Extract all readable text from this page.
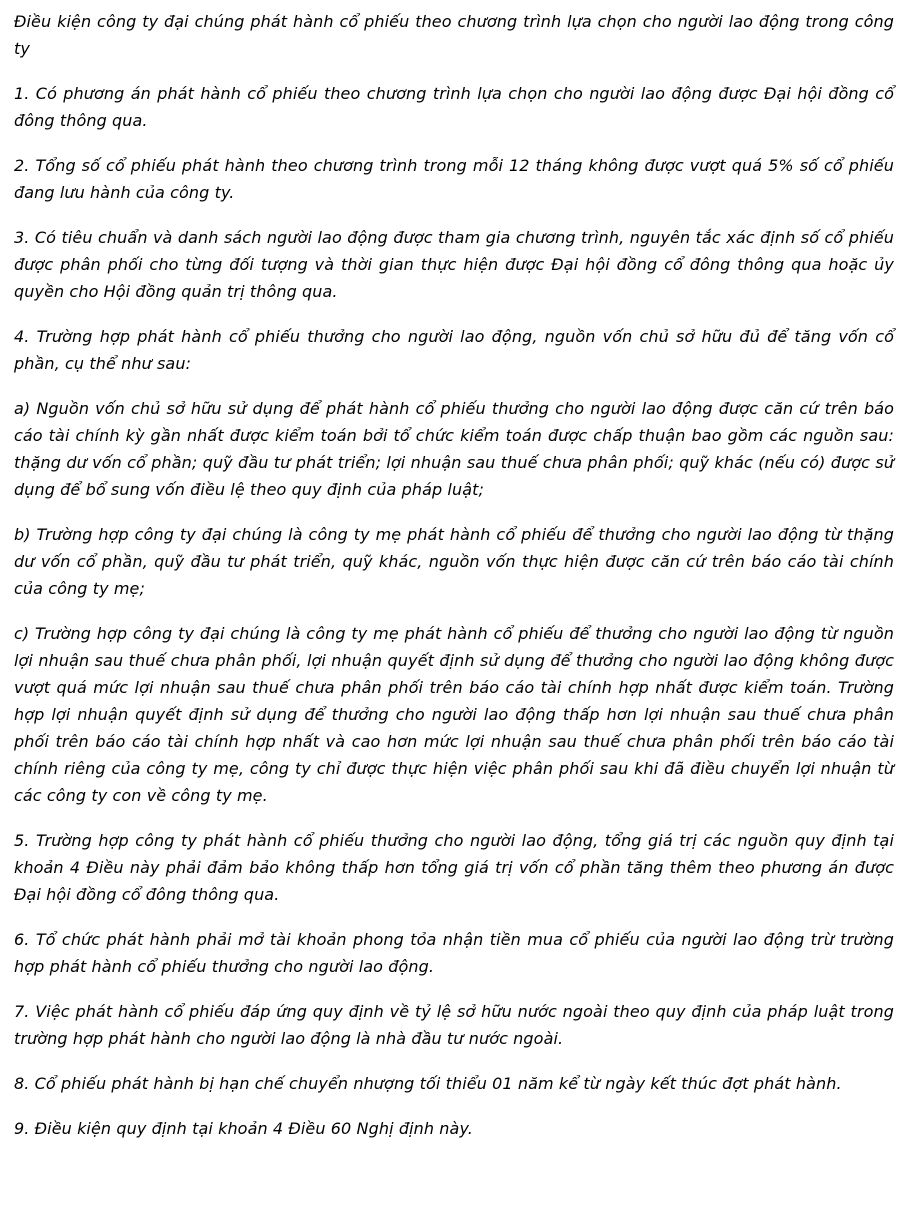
Điều kiện công ty đại chúng phát hành cổ phiếu theo chương trình lựa chọn cho người lao động trong công ty

1. Có phương án phát hành cổ phiếu theo chương trình lựa chọn cho người lao động được Đại hội đồng cổ đông thông qua.

2. Tổng số cổ phiếu phát hành theo chương trình trong mỗi 12 tháng không được vượt quá 5% số cổ phiếu đang lưu hành của công ty.

3. Có tiêu chuẩn và danh sách người lao động được tham gia chương trình, nguyên tắc xác định số cổ phiếu được phân phối cho từng đối tượng và thời gian thực hiện được Đại hội đồng cổ đông thông qua hoặc ủy quyền cho Hội đồng quản trị thông qua.

4. Trường hợp phát hành cổ phiếu thưởng cho người lao động, nguồn vốn chủ sở hữu đủ để tăng vốn cổ phần, cụ thể như sau:

a) Nguồn vốn chủ sở hữu sử dụng để phát hành cổ phiếu thưởng cho người lao động được căn cứ trên báo cáo tài chính kỳ gần nhất được kiểm toán bởi tổ chức kiểm toán được chấp thuận bao gồm các nguồn sau: thặng dư vốn cổ phần; quỹ đầu tư phát triển; lợi nhuận sau thuế chưa phân phối; quỹ khác (nếu có) được sử dụng để bổ sung vốn điều lệ theo quy định của pháp luật;

b) Trường hợp công ty đại chúng là công ty mẹ phát hành cổ phiếu để thưởng cho người lao động từ thặng dư vốn cổ phần, quỹ đầu tư phát triển, quỹ khác, nguồn vốn thực hiện được căn cứ trên báo cáo tài chính của công ty mẹ;

c) Trường hợp công ty đại chúng là công ty mẹ phát hành cổ phiếu để thưởng cho người lao động từ nguồn lợi nhuận sau thuế chưa phân phối, lợi nhuận quyết định sử dụng để thưởng cho người lao động không được vượt quá mức lợi nhuận sau thuế chưa phân phối trên báo cáo tài chính hợp nhất được kiểm toán. Trường hợp lợi nhuận quyết định sử dụng để thưởng cho người lao động thấp hơn lợi nhuận sau thuế chưa phân phối trên báo cáo tài chính hợp nhất và cao hơn mức lợi nhuận sau thuế chưa phân phối trên báo cáo tài chính riêng của công ty mẹ, công ty chỉ được thực hiện việc phân phối sau khi đã điều chuyển lợi nhuận từ các công ty con về công ty mẹ.

5. Trường hợp công ty phát hành cổ phiếu thưởng cho người lao động, tổng giá trị các nguồn quy định tại khoản 4 Điều này phải đảm bảo không thấp hơn tổng giá trị vốn cổ phần tăng thêm theo phương án được Đại hội đồng cổ đông thông qua.

6. Tổ chức phát hành phải mở tài khoản phong tỏa nhận tiền mua cổ phiếu của người lao động trừ trường hợp phát hành cổ phiếu thưởng cho người lao động.

7. Việc phát hành cổ phiếu đáp ứng quy định về tỷ lệ sở hữu nước ngoài theo quy định của pháp luật trong trường hợp phát hành cho người lao động là nhà đầu tư nước ngoài.

8. Cổ phiếu phát hành bị hạn chế chuyển nhượng tối thiểu 01 năm kể từ ngày kết thúc đợt phát hành.

9. Điều kiện quy định tại khoản 4 Điều 60 Nghị định này.
